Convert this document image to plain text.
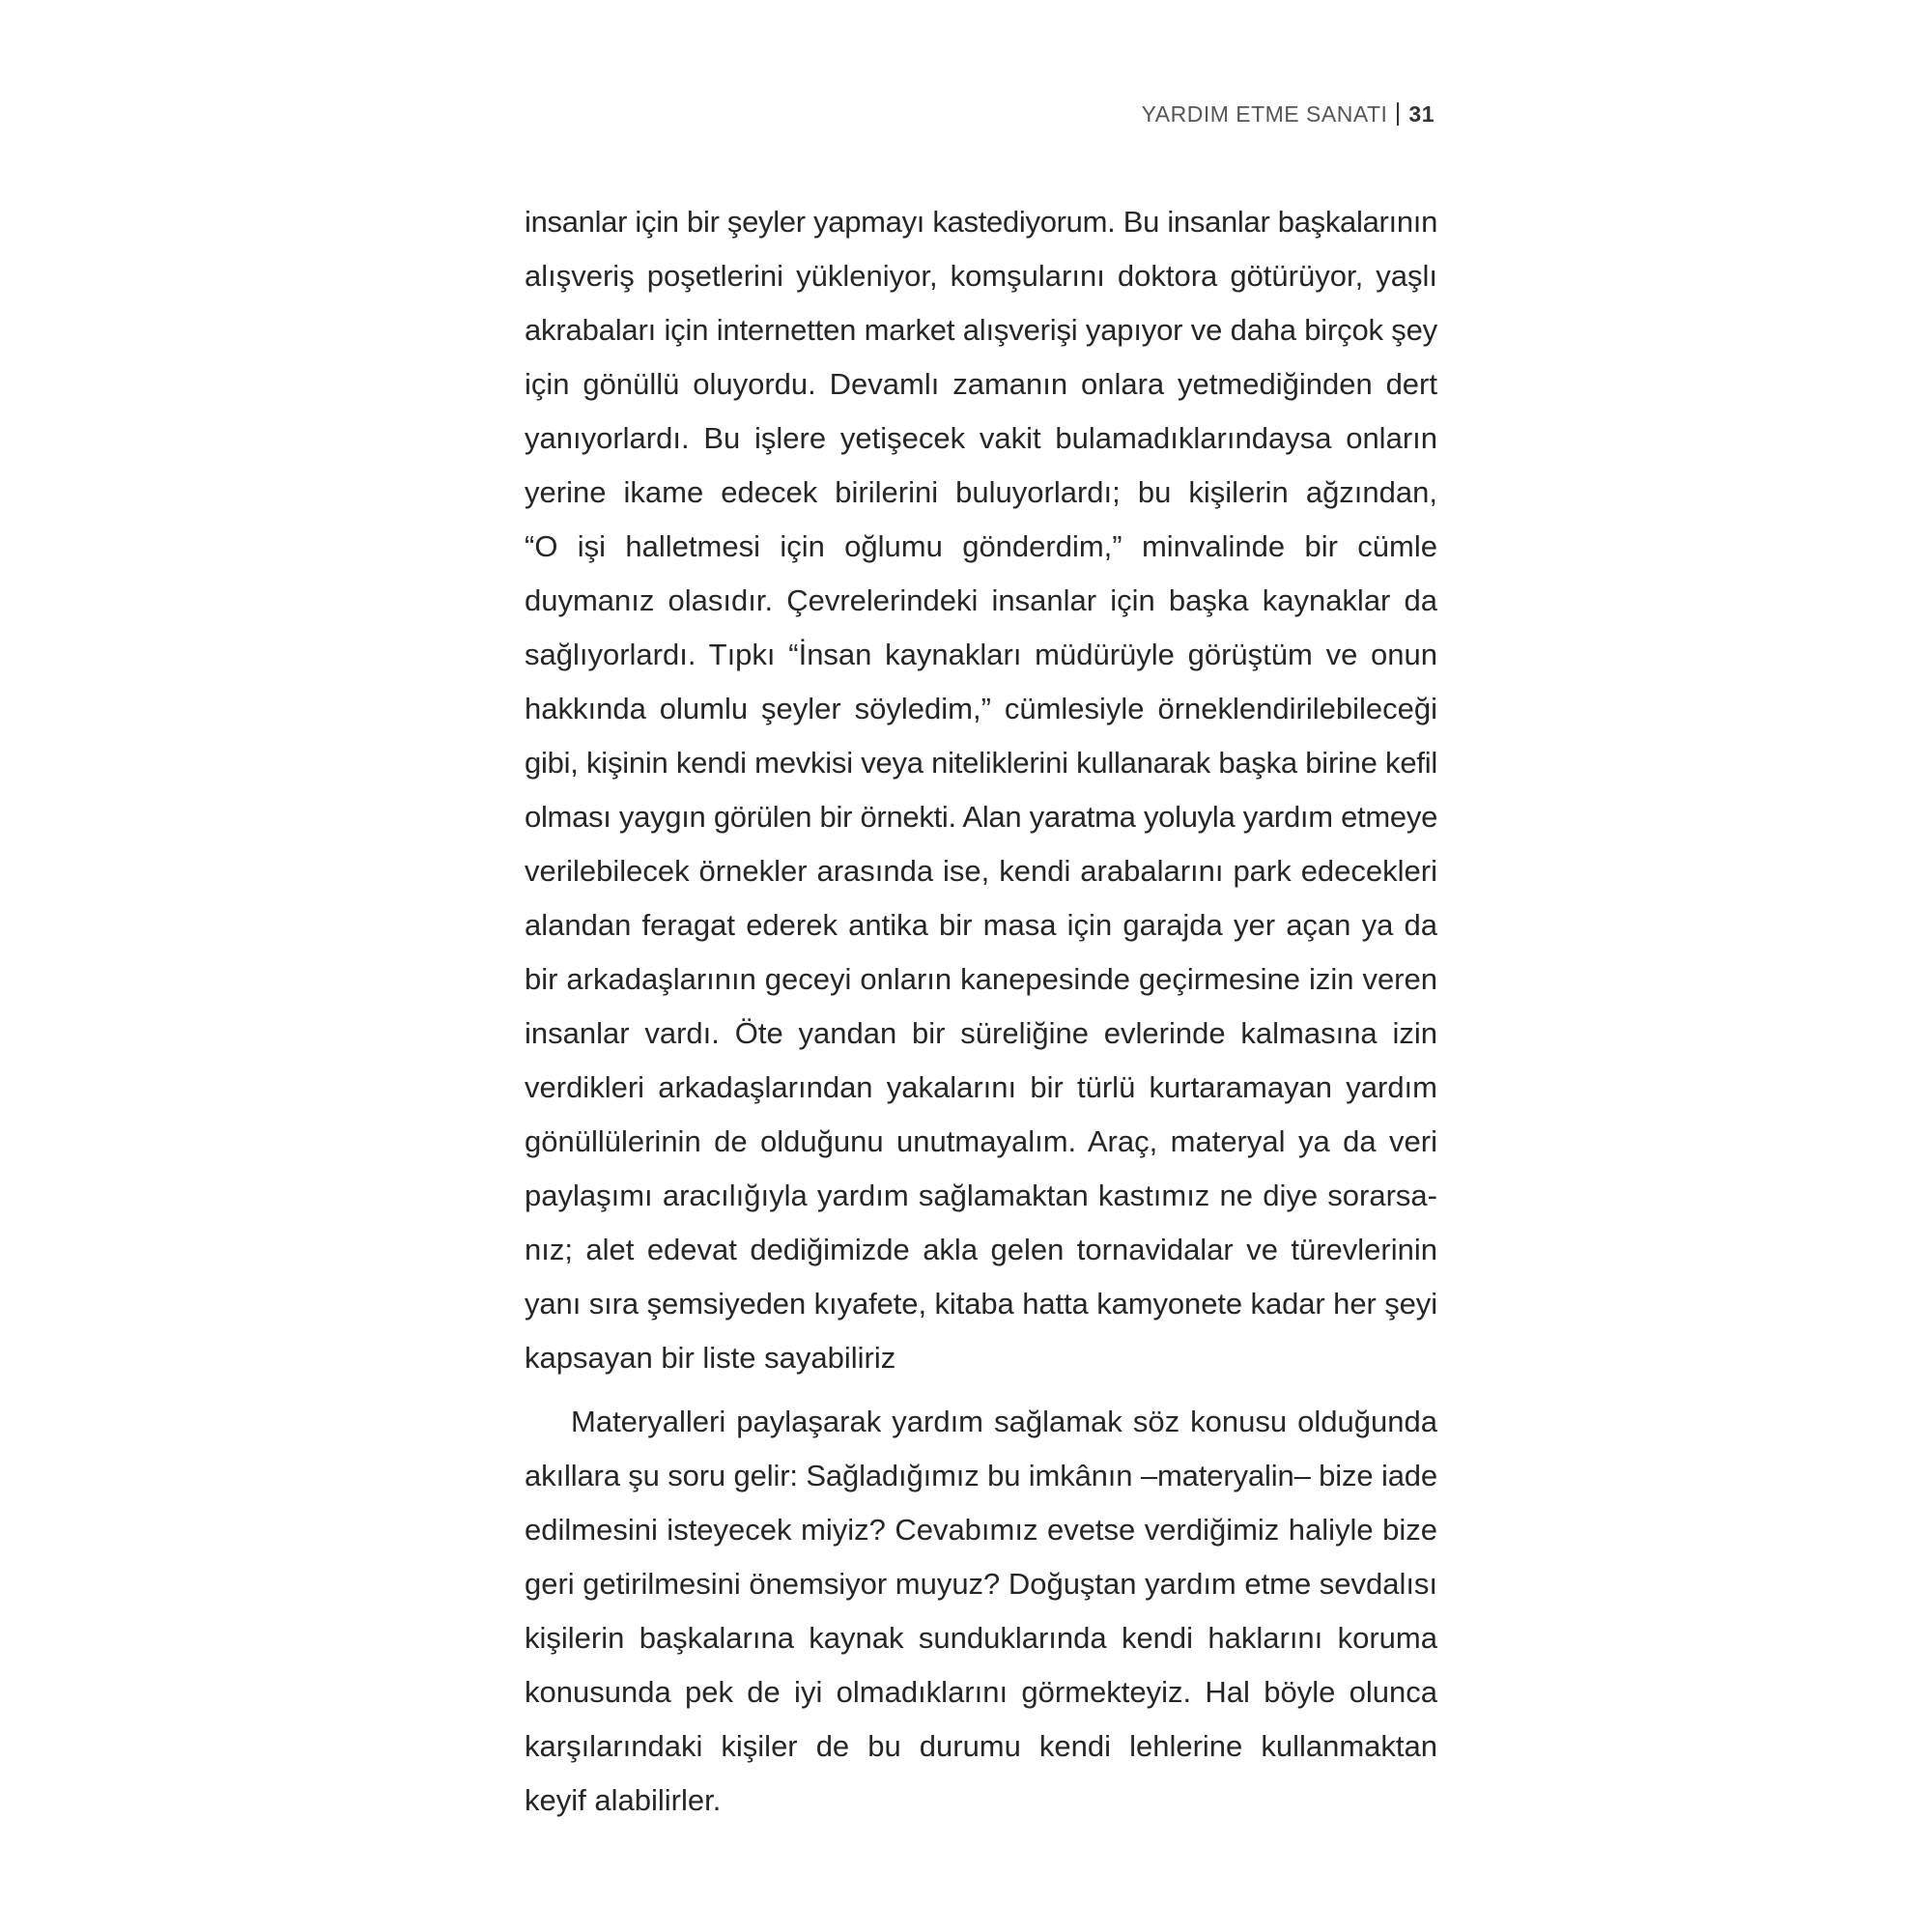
YARDIM ETME SANATI 31
insanlar için bir şeyler yapmayı kastediyorum. Bu insanlar başkalarının
alışveriş poşetlerini yükleniyor, komşularını doktora götürüyor, yaşlı
akrabaları için internetten market alışverişi yapıyor ve daha birçok şey
için gönüllü oluyordu. Devamlı zamanın onlara yetmediğinden dert
yanıyorlardı. Bu işlere yetişecek vakit bulamadıklarındaysa onların
yerine ikame edecek birilerini buluyorlardı; bu kişilerin ağzından,
“O işi halletmesi için oğlumu gönderdim,” minvalinde bir cümle
duymanız olasıdır. Çevrelerindeki insanlar için başka kaynaklar da
sağlıyorlardı. Tıpkı “İnsan kaynakları müdürüyle görüştüm ve onun
hakkında olumlu şeyler söyledim,” cümlesiyle örneklendirilebileceği
gibi, kişinin kendi mevkisi veya niteliklerini kullanarak başka birine kefil
olması yaygın görülen bir örnekti. Alan yaratma yoluyla yardım etmeye
verilebilecek örnekler arasında ise, kendi arabalarını park edecekleri
alandan feragat ederek antika bir masa için garajda yer açan ya da
bir arkadaşlarının geceyi onların kanepesinde geçirmesine izin veren
insanlar vardı. Öte yandan bir süreliğine evlerinde kalmasına izin
verdikleri arkadaşlarından yakalarını bir türlü kurtaramayan yardım
gönüllülerinin de olduğunu unutmayalım. Araç, materyal ya da veri
paylaşımı aracılığıyla yardım sağlamaktan kastımız ne diye sorarsa-
nız; alet edevat dediğimizde akla gelen tornavidalar ve türevlerinin
yanı sıra şemsiyeden kıyafete, kitaba hatta kamyonete kadar her şeyi
kapsayan bir liste sayabiliriz
Materyalleri paylaşarak yardım sağlamak söz konusu olduğunda
akıllara şu soru gelir: Sağladığımız bu imkânın –materyalin– bize iade
edilmesini isteyecek miyiz? Cevabımız evetse verdiğimiz haliyle bize
geri getirilmesini önemsiyor muyuz? Doğuştan yardım etme sevdalısı
kişilerin başkalarına kaynak sunduklarında kendi haklarını koruma
konusunda pek de iyi olmadıklarını görmekteyiz. Hal böyle olunca
karşılarındaki kişiler de bu durumu kendi lehlerine kullanmaktan
keyif alabilirler.
